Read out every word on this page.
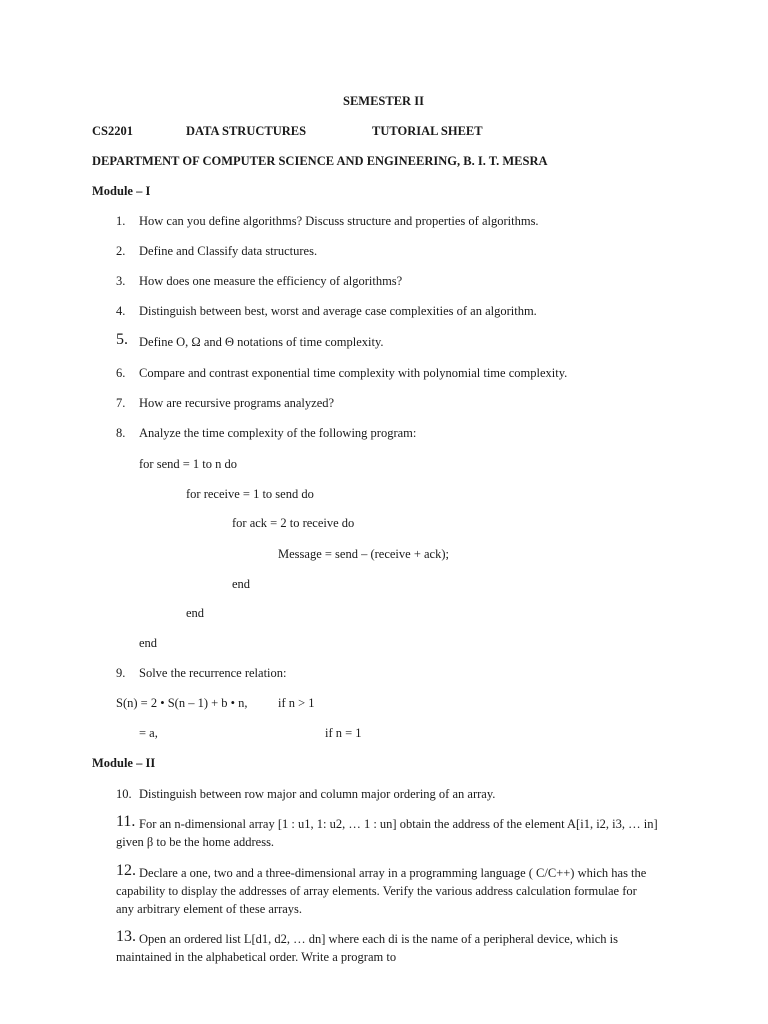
SEMESTER II
CS2201	DATA STRUCTURES	TUTORIAL SHEET
DEPARTMENT OF COMPUTER SCIENCE AND ENGINEERING, B. I. T. MESRA
Module – I
1. How can you define algorithms? Discuss structure and properties of algorithms.
2. Define and Classify data structures.
3. How does one measure the efficiency of algorithms?
4. Distinguish between best, worst and average case complexities of an algorithm.
5. Define O, Ω and Θ notations of time complexity.
6. Compare and contrast exponential time complexity with polynomial time complexity.
7. How are recursive programs analyzed?
8. Analyze the time complexity of the following program:
for send = 1 to n do
for receive = 1 to send do
for ack = 2 to receive do
Message = send – (receive + ack);
end
end
end
9. Solve the recurrence relation:
S(n) = 2 • S(n – 1) + b • n, if n > 1
= a,	if n = 1
Module – II
10. Distinguish between row major and column major ordering of an array.
11. For an n-dimensional array [1 : u1, 1: u2, … 1 : un] obtain the address of the element A[i1, i2, i3, … in]
given β to be the home address.
12. Declare a one, two and a three-dimensional array in a programming language ( C/C++) which has the
capability to display the addresses of array elements. Verify the various address calculation formulae for
any arbitrary element of these arrays.
13. Open an ordered list L[d1, d2, … dn] where each di is the name of a peripheral device, which is
maintained in the alphabetical order. Write a program to
